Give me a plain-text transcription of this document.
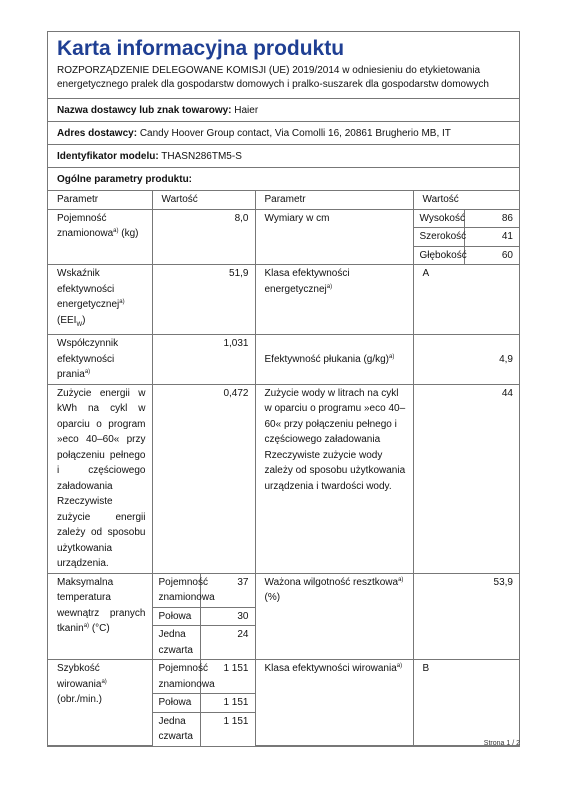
Karta informacyjna produktu
ROZPORZĄDZENIE DELEGOWANE KOMISJI (UE) 2019/2014 w odniesieniu do etykietowania energetycznego pralek dla gospodarstw domowych i pralko-suszarek dla gospodarstw domowych
Nazwa dostawcy lub znak towarowy: Haier
Adres dostawcy: Candy Hoover Group contact, Via Comolli 16, 20861 Brugherio MB, IT
Identyfikator modelu: THASN286TM5-S
Ogólne parametry produktu:
Parametr	Wartość		Parametr	Wartość	
Pojemność znamionowa$^{a)}$ (kg)	8,0		Wymiary w cm	Wysokość	86
				Szerokość	41
				Głębokość	60
Wskaźnik efektywności energetycznej$^{a)}$ $(EEI_W)$	51,9		Klasa efektywności energetycznej$^{a)}$	A	
Współczynnik efektywności prania$^{a)}$	1,031		Efektywność płukania $(g/kg)^{a)}$	4,9	
Zużycie energii w kWh na cykl w oparciu o program »eco 40–60« przy połączeniu pełnego i częściowego załadowania Rzeczywiste zużycie energii zależy od sposobu użytkowania urządzenia.	0,472		Zużycie wody w litrach na cykl w oparciu o programu »eco 40–60« przy połączeniu pełnego i częściowego załadowania Rzeczywiste zużycie wody zależy od sposobu użytkowania urządzenia i twardości wody.	44	
Maksymalna temperatura wewnątrz pranych tkanin$^{a)}$ (°C)	Pojemność znamionowa	37	Ważona wilgotność resztkowa$^{a)}$ (%)	53,9	
	Połowa	30			
	Jedna czwarta	24			
Szybkość wirowania$^{a)}$ (obr./min.)	Pojemność znamionowa	1 151	Klasa efektywności wirowania$^{a)}$	B	
	Połowa	1 151			
	Jedna czwarta	1 151			
Strona 1 / 2
